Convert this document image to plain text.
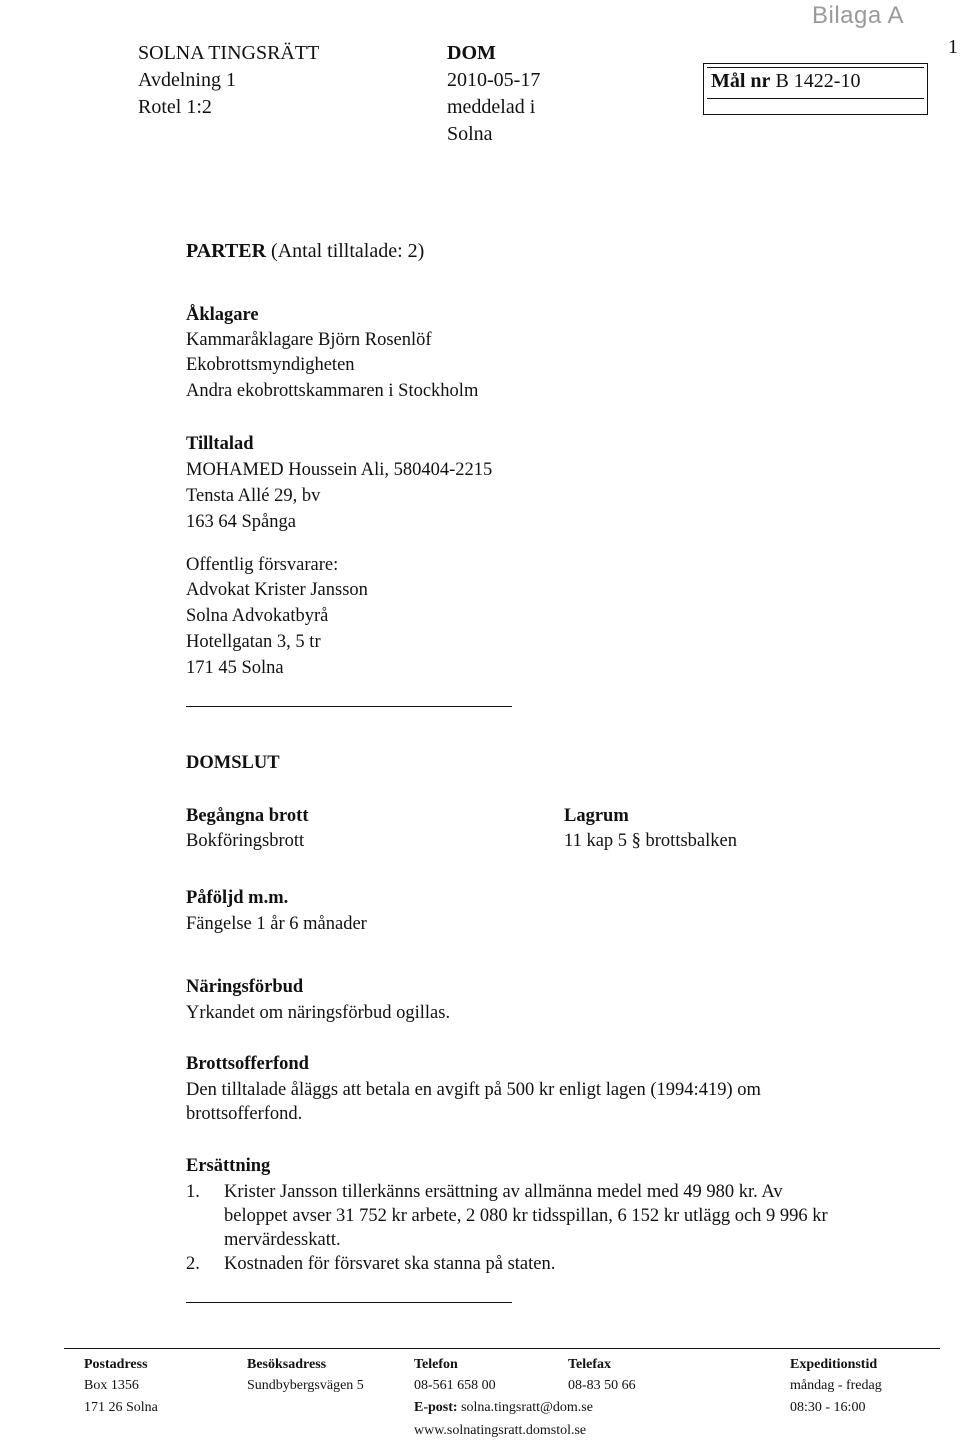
Bilaga A
1
SOLNA TINGSRÄTT
Avdelning 1
Rotel 1:2
DOM
2010-05-17
meddelad i
Solna
Mål nr B 1422-10
PARTER (Antal tilltalade: 2)
Åklagare
Kammaråklagare Björn Rosenlöf
Ekobrottsmyndigheten
Andra ekobrottskammaren i Stockholm
Tilltalad
MOHAMED Houssein Ali, 580404-2215
Tensta Allé 29, bv
163 64 Spånga
Offentlig försvarare:
Advokat Krister Jansson
Solna Advokatbyrå
Hotellgatan 3, 5 tr
171 45 Solna
DOMSLUT
Begångna brott
Bokföringsbrott
Lagrum
11 kap 5 § brottsbalken
Påföljd m.m.
Fängelse 1 år 6 månader
Näringsförbud
Yrkandet om näringsförbud ogillas.
Brottsofferfond
Den tilltalade åläggs att betala en avgift på 500 kr enligt lagen (1994:419) om
brottsofferfond.
Ersättning
1. Krister Jansson tillerkänns ersättning av allmänna medel med 49 980 kr. Av
beloppet avser 31 752 kr arbete, 2 080 kr tidsspillan, 6 152 kr utlägg och 9 996 kr
mervärdesskatt.
2. Kostnaden för försvaret ska stanna på staten.
Postadress
Box 1356
171 26 Solna
Besöksadress
Sundbybergsvägen 5
Telefon
08-561 658 00
Telefax
08-83 50 66
E-post: solna.tingsratt@dom.se
www.solnatingsratt.domstol.se
Expeditionstid
måndag - fredag
08:30 - 16:00
